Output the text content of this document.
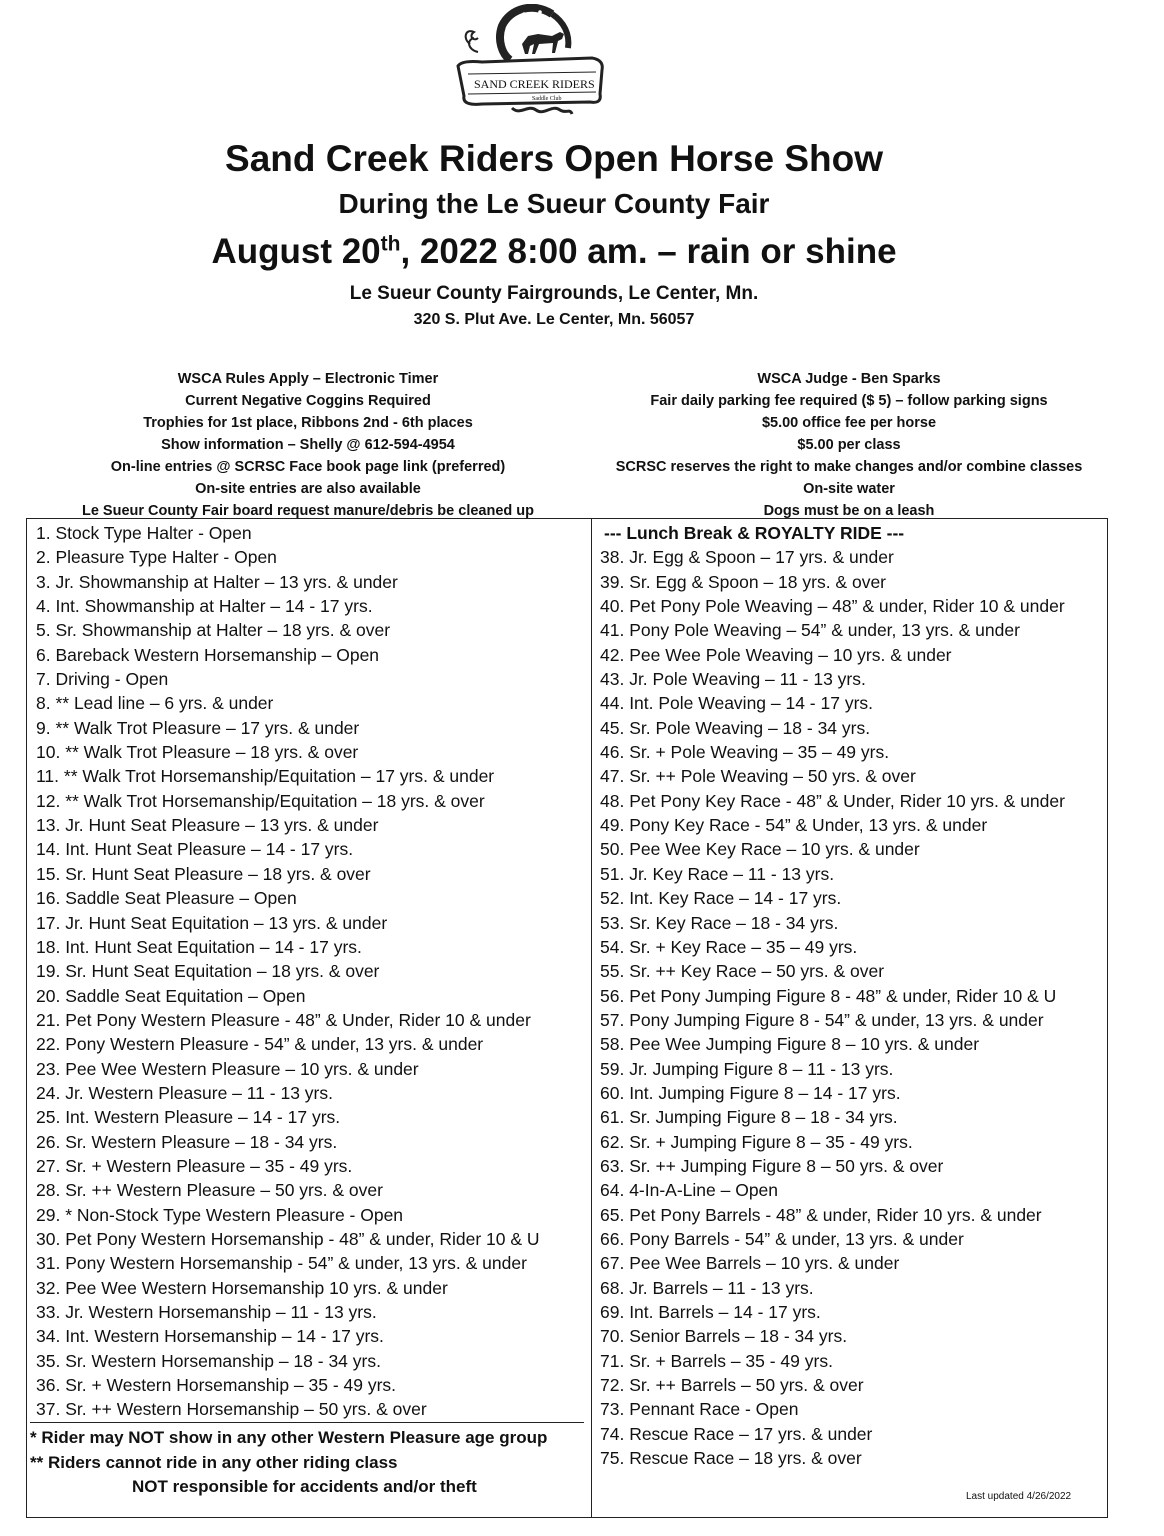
SAND CREEK RIDERS
Saddle Club
Sand Creek Riders Open Horse Show
During the Le Sueur County Fair
August 20th, 2022 8:00 am. – rain or shine
Le Sueur County Fairgrounds, Le Center, Mn.
320 S. Plut Ave. Le Center, Mn. 56057
WSCA Rules Apply – Electronic Timer
Current Negative Coggins Required
Trophies for 1st place, Ribbons 2nd - 6th places
Show information – Shelly @ 612-594-4954
On-line entries @ SCRSC Face book page link (preferred)
On-site entries are also available
Le Sueur County Fair board request manure/debris be cleaned up
WSCA Judge - Ben Sparks
Fair daily parking fee required ($ 5) – follow parking signs
$5.00 office fee per horse
$5.00 per class
SCRSC reserves the right to make changes and/or combine classes
On-site water
Dogs must be on a leash
1. Stock Type Halter - Open
2. Pleasure Type Halter - Open
3. Jr. Showmanship at Halter – 13 yrs. & under
4. Int. Showmanship at Halter – 14 - 17 yrs.
5. Sr. Showmanship at Halter – 18 yrs. & over
6. Bareback Western Horsemanship – Open
7. Driving - Open
8. ** Lead line – 6 yrs. & under
9. ** Walk Trot Pleasure – 17 yrs. & under
10. ** Walk Trot Pleasure – 18 yrs. & over
11. ** Walk Trot Horsemanship/Equitation – 17 yrs. & under
12. ** Walk Trot Horsemanship/Equitation – 18 yrs. & over
13. Jr. Hunt Seat Pleasure – 13 yrs. & under
14. Int. Hunt Seat Pleasure – 14 - 17 yrs.
15. Sr. Hunt Seat Pleasure – 18 yrs. & over
16. Saddle Seat Pleasure – Open
17. Jr. Hunt Seat Equitation – 13 yrs. & under
18. Int. Hunt Seat Equitation – 14 - 17 yrs.
19. Sr. Hunt Seat Equitation – 18 yrs. & over
20. Saddle Seat Equitation – Open
21. Pet Pony Western Pleasure - 48” & Under, Rider 10 & under
22. Pony Western Pleasure - 54” & under, 13 yrs. & under
23. Pee Wee Western Pleasure – 10 yrs. & under
24. Jr. Western Pleasure – 11 - 13 yrs.
25. Int. Western Pleasure – 14 - 17 yrs.
26. Sr. Western Pleasure – 18 - 34 yrs.
27. Sr. + Western Pleasure – 35 - 49 yrs.
28. Sr. ++ Western Pleasure – 50 yrs. & over
29. * Non-Stock Type Western Pleasure - Open
30. Pet Pony Western Horsemanship - 48” & under, Rider 10 & U
31. Pony Western Horsemanship - 54” & under, 13 yrs. & under
32. Pee Wee Western Horsemanship 10 yrs. & under
33. Jr. Western Horsemanship – 11 - 13 yrs.
34. Int. Western Horsemanship – 14 - 17 yrs.
35. Sr. Western Horsemanship – 18 - 34 yrs.
36. Sr. + Western Horsemanship – 35 - 49 yrs.
37. Sr. ++ Western Horsemanship – 50 yrs. & over
* Rider may NOT show in any other Western Pleasure age group
** Riders cannot ride in any other riding class
NOT responsible for accidents and/or theft
--- Lunch Break & ROYALTY RIDE ---
38. Jr. Egg & Spoon – 17 yrs. & under
39. Sr. Egg & Spoon – 18 yrs. & over
40. Pet Pony Pole Weaving – 48” & under, Rider 10 & under
41. Pony Pole Weaving – 54” & under, 13 yrs. & under
42. Pee Wee Pole Weaving – 10 yrs. & under
43. Jr. Pole Weaving – 11 - 13 yrs.
44. Int. Pole Weaving – 14 - 17 yrs.
45. Sr. Pole Weaving – 18 - 34 yrs.
46. Sr. + Pole Weaving – 35 – 49 yrs.
47. Sr. ++ Pole Weaving – 50 yrs. & over
48. Pet Pony Key Race - 48” & Under, Rider 10 yrs. & under
49. Pony Key Race - 54” & Under, 13 yrs. & under
50. Pee Wee Key Race – 10 yrs. & under
51. Jr. Key Race – 11 - 13 yrs.
52. Int. Key Race – 14 - 17 yrs.
53. Sr. Key Race – 18 - 34 yrs.
54. Sr. + Key Race – 35 – 49 yrs.
55. Sr. ++ Key Race – 50 yrs. & over
56. Pet Pony Jumping Figure 8 - 48” & under, Rider 10 & U
57. Pony Jumping Figure 8 - 54” & under, 13 yrs. & under
58. Pee Wee Jumping Figure 8 – 10 yrs. & under
59. Jr. Jumping Figure 8 – 11 - 13 yrs.
60. Int. Jumping Figure 8 – 14 - 17 yrs.
61. Sr. Jumping Figure 8 – 18 - 34 yrs.
62. Sr. + Jumping Figure 8 – 35 - 49 yrs.
63. Sr. ++ Jumping Figure 8 – 50 yrs. & over
64. 4-In-A-Line – Open
65. Pet Pony Barrels - 48” & under, Rider 10 yrs. & under
66. Pony Barrels - 54” & under, 13 yrs. & under
67. Pee Wee Barrels – 10 yrs. & under
68. Jr. Barrels – 11 - 13 yrs.
69. Int. Barrels – 14 - 17 yrs.
70. Senior Barrels – 18 - 34 yrs.
71. Sr. + Barrels – 35 - 49 yrs.
72. Sr. ++ Barrels – 50 yrs. & over
73. Pennant Race - Open
74. Rescue Race – 17 yrs. & under
75. Rescue Race – 18 yrs. & over
Last updated 4/26/2022
